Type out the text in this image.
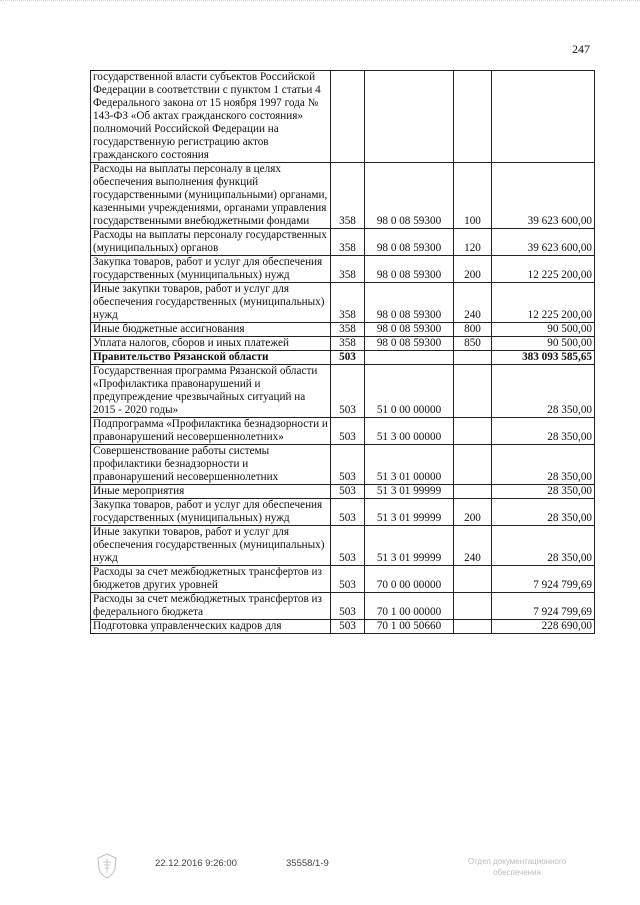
247
государственной власти субъектов Российской Федерации в соответствии с пунктом 1 статьи 4 Федерального закона от 15 ноября 1997 года № 143-ФЗ «Об актах гражданского состояния» полномочий Российской Федерации на государственную регистрацию актов гражданского состояния				
Расходы на выплаты персоналу в целях обеспечения выполнения функций государственными (муниципальными) органами, казенными учреждениями, органами управления государственными внебюджетными фондами	358	98 0 08 59300	100	39 623 600,00
Расходы на выплаты персоналу государственных (муниципальных) органов	358	98 0 08 59300	120	39 623 600,00
Закупка товаров, работ и услуг для обеспечения государственных (муниципальных) нужд	358	98 0 08 59300	200	12 225 200,00
Иные закупки товаров, работ и услуг для обеспечения государственных (муниципальных) нужд	358	98 0 08 59300	240	12 225 200,00
Иные бюджетные ассигнования	358	98 0 08 59300	800	90 500,00
Уплата налогов, сборов и иных платежей	358	98 0 08 59300	850	90 500,00
Правительство Рязанской области	503			383 093 585,65
Государственная программа Рязанской области «Профилактика правонарушений и предупреждение чрезвычайных ситуаций на 2015 - 2020 годы»	503	51 0 00 00000		28 350,00
Подпрограмма «Профилактика безнадзорности и правонарушений несовершеннолетних»	503	51 3 00 00000		28 350,00
Совершенствование работы системы профилактики безнадзорности и правонарушений несовершеннолетних	503	51 3 01 00000		28 350,00
Иные мероприятия	503	51 3 01 99999		28 350,00
Закупка товаров, работ и услуг для обеспечения государственных (муниципальных) нужд	503	51 3 01 99999	200	28 350,00
Иные закупки товаров, работ и услуг для обеспечения государственных (муниципальных) нужд	503	51 3 01 99999	240	28 350,00
Расходы за счет межбюджетных трансфертов из бюджетов других уровней	503	70 0 00 00000		7 924 799,69
Расходы за счет межбюджетных трансфертов из федерального бюджета	503	70 1 00 00000		7 924 799,69
Подготовка управленческих кадров для	503	70 1 00 50660		228 690,00
22.12.2016 9:26:00	35558/1-9	Отдел документационного обеспечения
